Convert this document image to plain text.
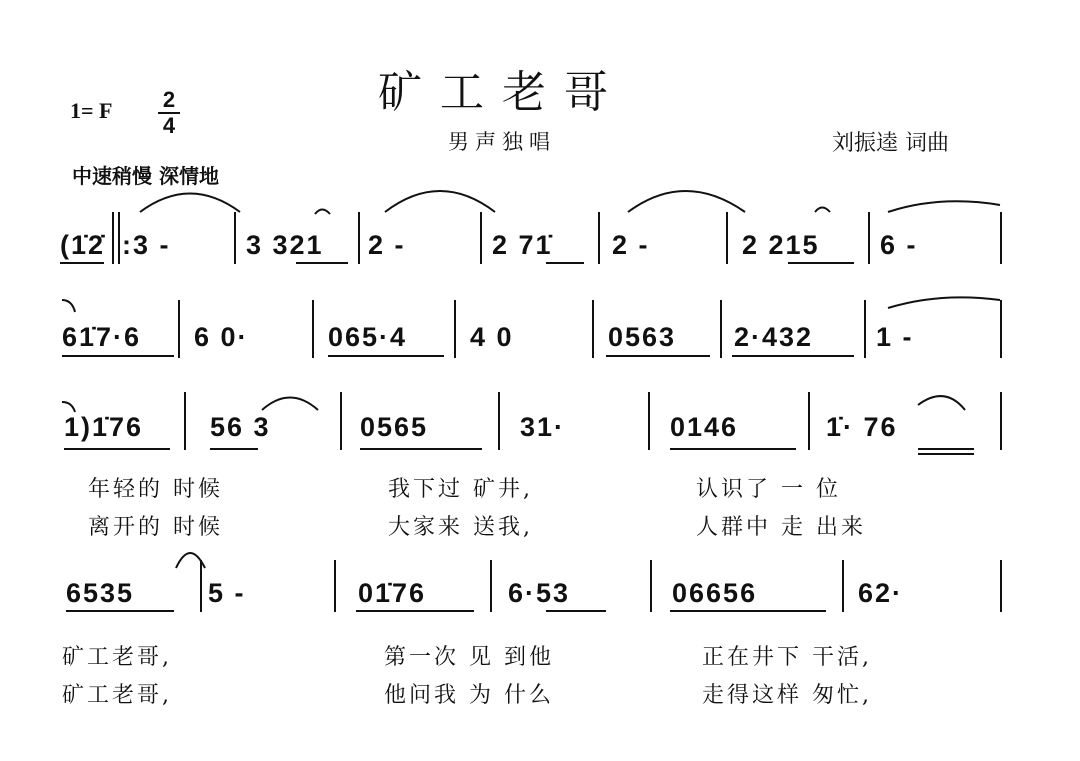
矿工老哥
男声独唱	刘振逵 词曲
1= F 2
4
中速稍慢 深情地
(1̇2̇ :3 -	3 321 2 -	2 71̇ 2 -	2 215 6 -
61̇7·6 6 0·	065·4 4 0	0563 2·432 1 -
1)1̇76 56 3	0565	31·	0146	1̇· 76
年轻的 时候	我下过 矿井,	认识了 一 位
离开的 时候	大家来 送我,	人群中 走 出来
6535	5 -	01̇76	6·53	06656	62·
矿工老哥,	第一次 见 到他	正在井下 干活,
矿工老哥,	他问我 为 什么	走得这样 匆忙,
